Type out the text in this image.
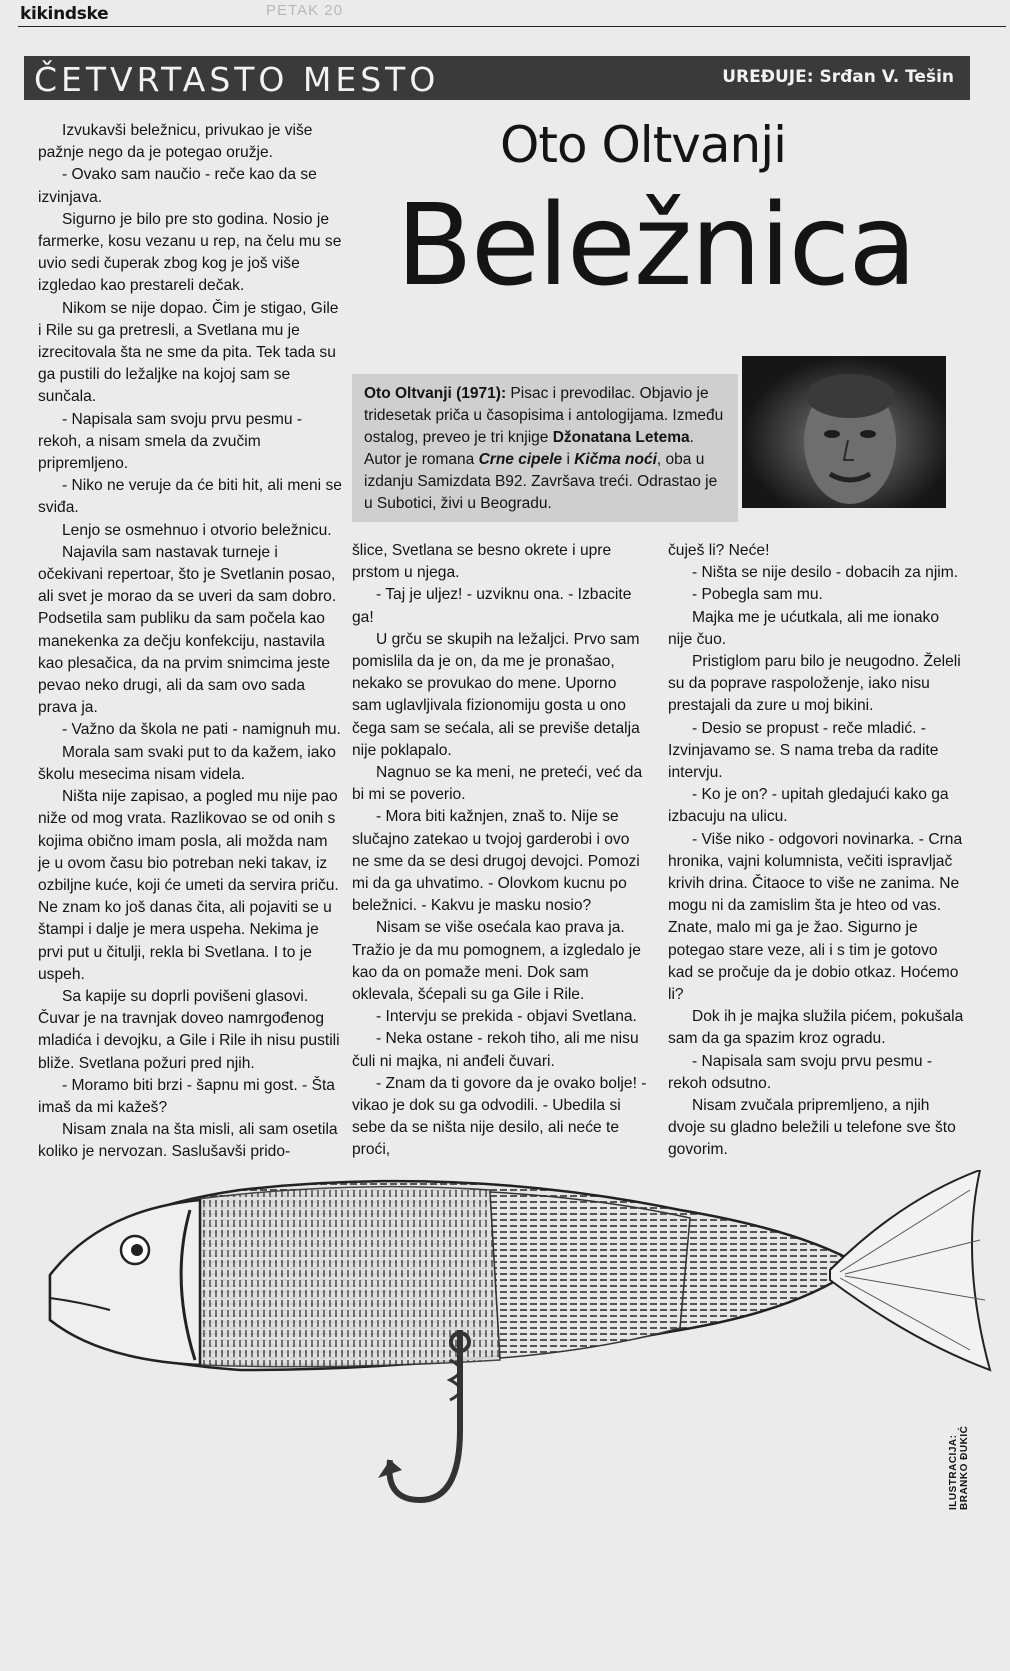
kikindske	PETAK 20
ČETVRTASTO MESTO	UREĐUJE: Srđan V. Tešin
Oto Oltvanji
Beležnica
Oto Oltvanji (1971): Pisac i prevodilac. Objavio je tridesetak priča u časopisima i antologijama. Između ostalog, preveo je tri knjige Džonatana Letema. Autor je romana Crne cipele i Kičma noći, oba u izdanju Samizdata B92. Završava treći. Odrastao je u Subotici, živi u Beogradu.

Izvukavši beležnicu, privukao je više pažnje nego da je potegao oružje.

- Ovako sam naučio - reče kao da se izvinjava.

Sigurno je bilo pre sto godina. Nosio je farmerke, kosu vezanu u rep, na čelu mu se uvio sedi čuperak zbog kog je još više izgledao kao prestareli dečak.

Nikom se nije dopao. Čim je stigao, Gile i Rile su ga pretresli, a Svetlana mu je izrecitovala šta ne sme da pita. Tek tada su ga pustili do ležaljke na kojoj sam se sunčala.

- Napisala sam svoju prvu pesmu - rekoh, a nisam smela da zvučim pripremljeno.

- Niko ne veruje da će biti hit, ali meni se sviđa.

Lenjo se osmehnuo i otvorio beležnicu.

Najavila sam nastavak turneje i očekivani repertoar, što je Svetlanin posao, ali svet je morao da se uveri da sam dobro. Podsetila sam publiku da sam počela kao manekenka za dečju konfekciju, nastavila kao plesačica, da na prvim snimcima jeste pevao neko drugi, ali da sam ovo sada prava ja.

- Važno da škola ne pati - namignuh mu.

Morala sam svaki put to da kažem, iako školu mesecima nisam videla.

Ništa nije zapisao, a pogled mu nije pao niže od mog vrata. Razlikovao se od onih s kojima obično imam posla, ali možda nam je u ovom času bio potreban neki takav, iz ozbiljne kuće, koji će umeti da servira priču. Ne znam ko još danas čita, ali pojaviti se u štampi i dalje je mera uspeha. Nekima je prvi put u čitulji, rekla bi Svetlana. I to je uspeh.

Sa kapije su doprli povišeni glasovi. Čuvar je na travnjak doveo namrgođenog mladića i devojku, a Gile i Rile ih nisu pustili bliže. Svetlana požuri pred njih.

- Moramo biti brzi - šapnu mi gost. - Šta imaš da mi kažeš?

Nisam znala na šta misli, ali sam osetila koliko je nervozan. Saslušavši prido-

šlice, Svetlana se besno okrete i upre prstom u njega.

- Taj je uljez! - uzviknu ona. - Izbacite ga!

U grču se skupih na ležaljci. Prvo sam pomislila da je on, da me je pronašao, nekako se provukao do mene. Uporno sam uglavljivala fizionomiju gosta u ono čega sam se sećala, ali se previše detalja nije poklapalo.

Nagnuo se ka meni, ne preteći, već da bi mi se poverio.

- Mora biti kažnjen, znaš to. Nije se slučajno zatekao u tvojoj garderobi i ovo ne sme da se desi drugoj devojci. Pomozi mi da ga uhvatimo. - Olovkom kucnu po beležnici. - Kakvu je masku nosio?

Nisam se više osećala kao prava ja. Tražio je da mu pomognem, a izgledalo je kao da on pomaže meni. Dok sam oklevala, šćepali su ga Gile i Rile.

- Intervju se prekida - objavi Svetlana.

- Neka ostane - rekoh tiho, ali me nisu čuli ni majka, ni anđeli čuvari.

- Znam da ti govore da je ovako bolje! - vikao je dok su ga odvodili. - Ubedila si sebe da se ništa nije desilo, ali neće te proći,

čuješ li? Neće!

- Ništa se nije desilo - dobacih za njim.

- Pobegla sam mu.

Majka me je ućutkala, ali me ionako nije čuo.

Pristiglom paru bilo je neugodno. Želeli su da poprave raspoloženje, iako nisu prestajali da zure u moj bikini.

- Desio se propust - reče mladić. - Izvinjavamo se. S nama treba da radite intervju.

- Ko je on? - upitah gledajući kako ga izbacuju na ulicu.

- Više niko - odgovori novinarka. - Crna hronika, vajni kolumnista, večiti ispravljač krivih drina. Čitaoce to više ne zanima. Ne mogu ni da zamislim šta je hteo od vas. Znate, malo mi ga je žao. Sigurno je potegao stare veze, ali i s tim je gotovo kad se pročuje da je dobio otkaz. Hoćemo li?

Dok ih je majka služila pićem, pokušala sam da ga spazim kroz ogradu.

- Napisala sam svoju prvu pesmu - rekoh odsutno.

Nisam zvučala pripremljeno, a njih dvoje su gladno beležili u telefone sve što govorim.

ILUSTRACIJA: BRANKO ĐUKIĆ
